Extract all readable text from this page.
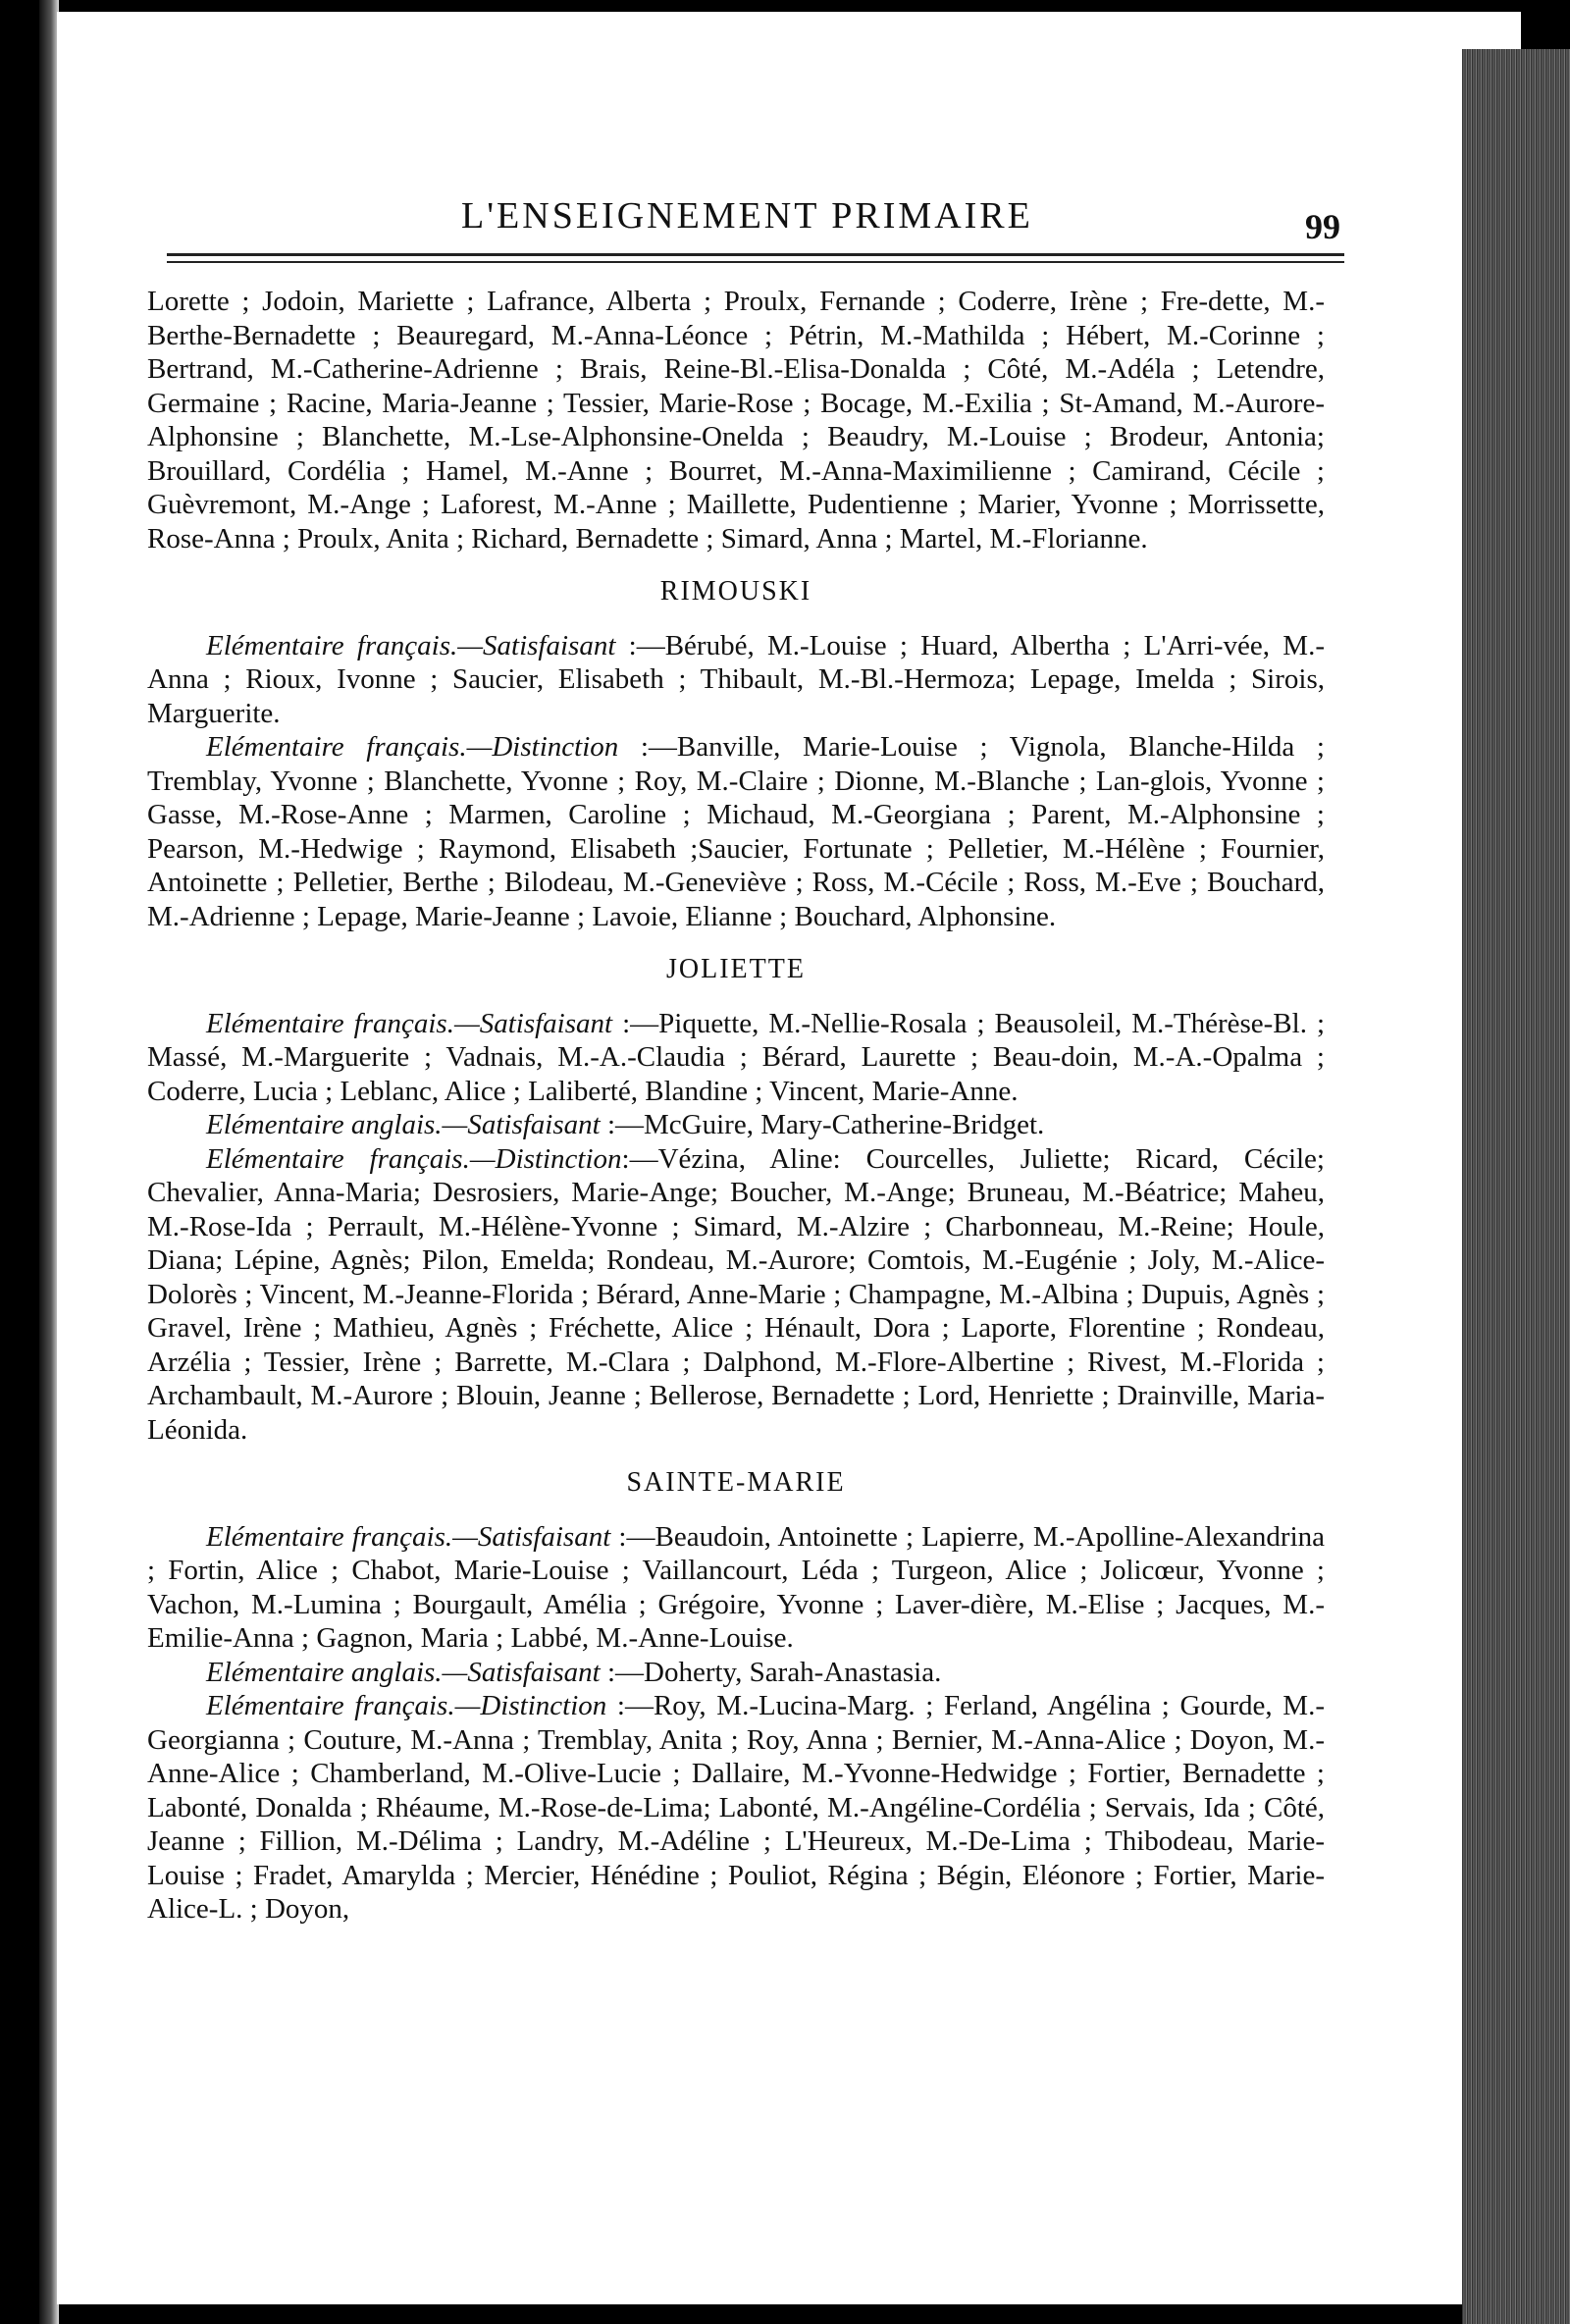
L'ENSEIGNEMENT PRIMAIRE	99

Lorette ; Jodoin, Mariette ; Lafrance, Alberta ; Proulx, Fernande ; Coderre, Irène ; Fre-dette, M.-Berthe-Bernadette ; Beauregard, M.-Anna-Léonce ; Pétrin, M.-Mathilda ; Hébert, M.-Corinne ; Bertrand, M.-Catherine-Adrienne ; Brais, Reine-Bl.-Elisa-Donalda ; Côté, M.-Adéla ; Letendre, Germaine ; Racine, Maria-Jeanne ; Tessier, Marie-Rose ; Bocage, M.-Exilia ; St-Amand, M.-Aurore-Alphonsine ; Blanchette, M.-Lse-Alphonsine-Onelda ; Beaudry, M.-Louise ; Brodeur, Antonia; Brouillard, Cordélia ; Hamel, M.-Anne ; Bourret, M.-Anna-Maximilienne ; Camirand, Cécile ; Guèvremont, M.-Ange ; Laforest, M.-Anne ; Maillette, Pudentienne ; Marier, Yvonne ; Morrissette, Rose-Anna ; Proulx, Anita ; Richard, Bernadette ; Simard, Anna ; Martel, M.-Florianne.

RIMOUSKI

Elémentaire français.—Satisfaisant :—Bérubé, M.-Louise ; Huard, Albertha ; L'Arri-vée, M.-Anna ; Rioux, Ivonne ; Saucier, Elisabeth ; Thibault, M.-Bl.-Hermoza; Lepage, Imelda ; Sirois, Marguerite.

Elémentaire français.—Distinction :—Banville, Marie-Louise ; Vignola, Blanche-Hilda ; Tremblay, Yvonne ; Blanchette, Yvonne ; Roy, M.-Claire ; Dionne, M.-Blanche ; Lan-glois, Yvonne ; Gasse, M.-Rose-Anne ; Marmen, Caroline ; Michaud, M.-Georgiana ; Parent, M.-Alphonsine ; Pearson, M.-Hedwige ; Raymond, Elisabeth ;Saucier, Fortunate ; Pelletier, M.-Hélène ; Fournier, Antoinette ; Pelletier, Berthe ; Bilodeau, M.-Geneviève ; Ross, M.-Cécile ; Ross, M.-Eve ; Bouchard, M.-Adrienne ; Lepage, Marie-Jeanne ; Lavoie, Elianne ; Bouchard, Alphonsine.

JOLIETTE

Elémentaire français.—Satisfaisant :—Piquette, M.-Nellie-Rosala ; Beausoleil, M.-Thérèse-Bl. ; Massé, M.-Marguerite ; Vadnais, M.-A.-Claudia ; Bérard, Laurette ; Beau-doin, M.-A.-Opalma ; Coderre, Lucia ; Leblanc, Alice ; Laliberté, Blandine ; Vincent, Marie-Anne.

Elémentaire anglais.—Satisfaisant :—McGuire, Mary-Catherine-Bridget.

Elémentaire français.—Distinction:—Vézina, Aline: Courcelles, Juliette; Ricard, Cécile; Chevalier, Anna-Maria; Desrosiers, Marie-Ange; Boucher, M.-Ange; Bruneau, M.-Béatrice; Maheu, M.-Rose-Ida ; Perrault, M.-Hélène-Yvonne ; Simard, M.-Alzire ; Charbonneau, M.-Reine; Houle, Diana; Lépine, Agnès; Pilon, Emelda; Rondeau, M.-Aurore; Comtois, M.-Eugénie ; Joly, M.-Alice-Dolorès ; Vincent, M.-Jeanne-Florida ; Bérard, Anne-Marie ; Champagne, M.-Albina ; Dupuis, Agnès ; Gravel, Irène ; Mathieu, Agnès ; Fréchette, Alice ; Hénault, Dora ; Laporte, Florentine ; Rondeau, Arzélia ; Tessier, Irène ; Barrette, M.-Clara ; Dalphond, M.-Flore-Albertine ; Rivest, M.-Florida ; Archambault, M.-Aurore ; Blouin, Jeanne ; Bellerose, Bernadette ; Lord, Henriette ; Drainville, Maria-Léonida.

SAINTE-MARIE

Elémentaire français.—Satisfaisant :—Beaudoin, Antoinette ; Lapierre, M.-Apolline-Alexandrina ; Fortin, Alice ; Chabot, Marie-Louise ; Vaillancourt, Léda ; Turgeon, Alice ; Jolicœur, Yvonne ; Vachon, M.-Lumina ; Bourgault, Amélia ; Grégoire, Yvonne ; Laver-dière, M.-Elise ; Jacques, M.-Emilie-Anna ; Gagnon, Maria ; Labbé, M.-Anne-Louise.

Elémentaire anglais.—Satisfaisant :—Doherty, Sarah-Anastasia.

Elémentaire français.—Distinction :—Roy, M.-Lucina-Marg. ; Ferland, Angélina ; Gourde, M.-Georgianna ; Couture, M.-Anna ; Tremblay, Anita ; Roy, Anna ; Bernier, M.-Anna-Alice ; Doyon, M.-Anne-Alice ; Chamberland, M.-Olive-Lucie ; Dallaire, M.-Yvonne-Hedwidge ; Fortier, Bernadette ; Labonté, Donalda ; Rhéaume, M.-Rose-de-Lima; Labonté, M.-Angéline-Cordélia ; Servais, Ida ; Côté, Jeanne ; Fillion, M.-Délima ; Landry, M.-Adéline ; L'Heureux, M.-De-Lima ; Thibodeau, Marie-Louise ; Fradet, Amarylda ; Mercier, Hénédine ; Pouliot, Régina ; Bégin, Eléonore ; Fortier, Marie-Alice-L. ; Doyon,
